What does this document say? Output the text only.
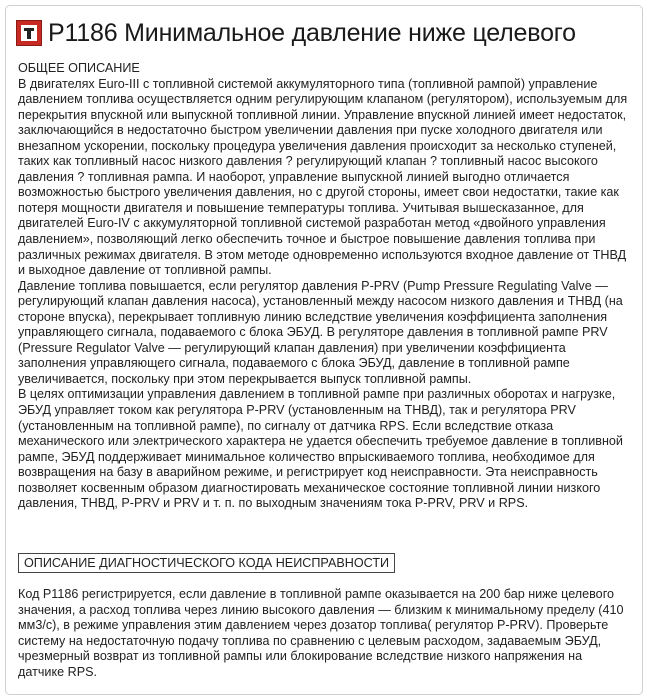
P1186 Минимальное давление ниже целевого

ОБЩЕЕ ОПИСАНИЕ

В двигателях Euro-III с топливной системой аккумуляторного типа (топливной рампой) управление давлением топлива осуществляется одним регулирующим клапаном (регулятором), используемым для перекрытия впускной или выпускной топливной линии. Управление впускной линией имеет недостаток, заключающийся в недостаточно быстром увеличении давления при пуске холодного двигателя или внезапном ускорении, поскольку процедура увеличения давления происходит за несколько ступеней, таких как топливный насос низкого давления ? регулирующий клапан ? топливный насос высокого давления ? топливная рампа. И наоборот, управление выпускной линией выгодно отличается возможностью быстрого увеличения давления, но с другой стороны, имеет свои недостатки, такие как потеря мощности двигателя и повышение температуры топлива. Учитывая вышесказанное, для двигателей Euro-IV с аккумуляторной топливной системой разработан метод «двойного управления давлением», позволяющий легко обеспечить точное и быстрое повышение давления топлива при различных режимах двигателя. В этом методе одновременно используются входное давление от ТНВД и выходное давление от топливной рампы.

Давление топлива повышается, если регулятор давления P-PRV (Pump Pressure Regulating Valve — регулирующий клапан давления насоса), установленный между насосом низкого давления и ТНВД (на стороне впуска), перекрывает топливную линию вследствие увеличения коэффициента заполнения управляющего сигнала, подаваемого с блока ЭБУД. В регуляторе давления в топливной рампе PRV (Pressure Regulator Valve — регулирующий клапан давления) при увеличении коэффициента заполнения управляющего сигнала, подаваемого с блока ЭБУД, давление в топливной рампе увеличивается, поскольку при этом перекрывается выпуск топливной рампы.

В целях оптимизации управления давлением в топливной рампе при различных оборотах и нагрузке, ЭБУД управляет током как регулятора P-PRV (установленным на ТНВД), так и регулятора PRV (установленным на топливной рампе), по сигналу от датчика RPS. Если вследствие отказа механического или электрического характера не удается обеспечить требуемое давление в топливной рампе, ЭБУД поддерживает минимальное количество впрыскиваемого топлива, необходимое для возвращения на базу в аварийном режиме, и регистрирует код неисправности. Эта неисправность позволяет косвенным образом диагностировать механическое состояние топливной линии низкого давления, ТНВД, P-PRV и PRV и т. п. по выходным значениям тока P-PRV, PRV и RPS.

ОПИСАНИЕ ДИАГНОСТИЧЕСКОГО КОДА НЕИСПРАВНОСТИ

Код P1186 регистрируется, если давление в топливной рампе оказывается на 200 бар ниже целевого значения, а расход топлива через линию высокого давления — близким к минимальному пределу (410 мм3/с), в режиме управления этим давлением через дозатор топлива( регулятор P-PRV). Проверьте систему на недостаточную подачу топлива по сравнению с целевым расходом, задаваемым ЭБУД, чрезмерный возврат из топливной рампы или блокирование вследствие низкого напряжения на датчике RPS.
